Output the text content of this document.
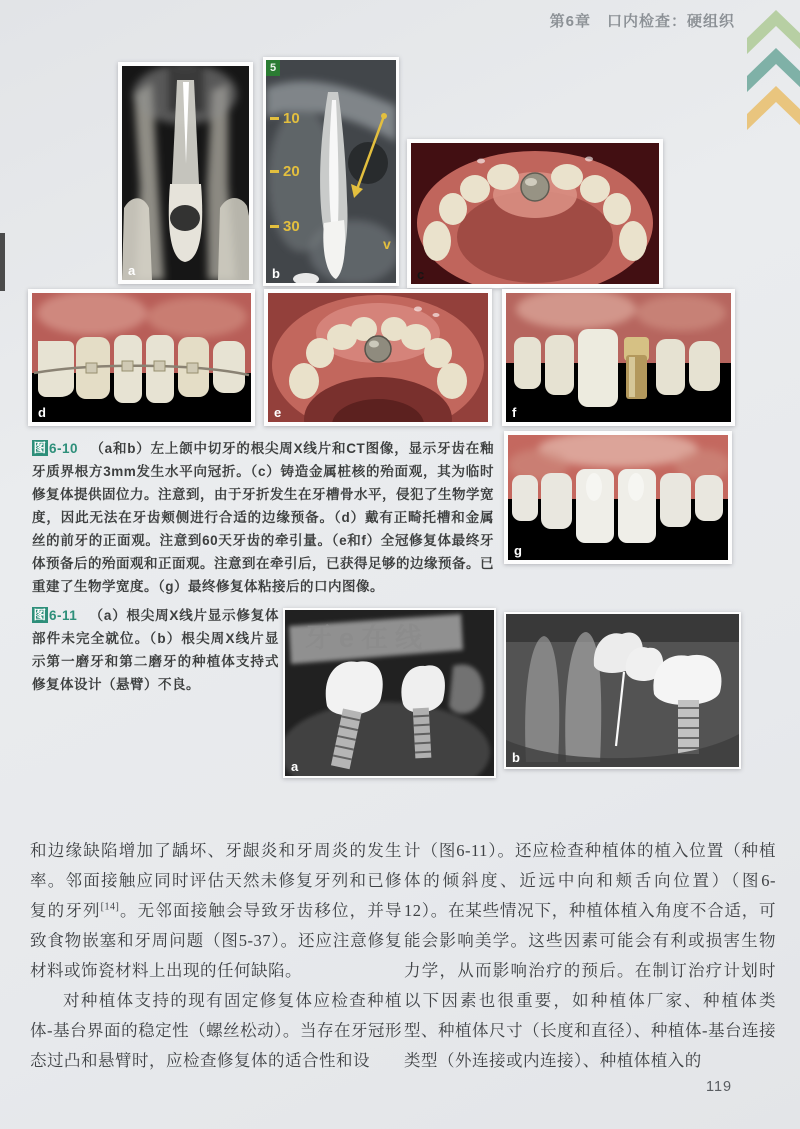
第6章　口内检查：硬组织
a
5
10
20
30
v
b	c
d	e	f
g

图 6-10 （a和b）左上颌中切牙的根尖周X线片和CT图像，显示牙齿在釉牙质界根方3mm发生水平向冠折。（c）铸造金属桩核的殆面观，其为临时修复体提供固位力。注意到，由于牙折发生在牙槽骨水平，侵犯了生物学宽度，因此无法在牙齿颊侧进行合适的边缘预备。（d）戴有正畸托槽和金属丝的前牙的正面观。注意到60天牙齿的牵引量。（e和f）全冠修复体最终牙体预备后的殆面观和正面观。注意到在牵引后，已获得足够的边缘预备。已重建了生物学宽度。（g）最终修复体粘接后的口内图像。

图 6-11 （a）根尖周X线片显示修复体部件未完全就位。（b）根尖周X线片显示第一磨牙和第二磨牙的种植体支持式修复体设计（悬臂）不良。

牙e在线
a
b

和边缘缺陷增加了龋坏、牙龈炎和牙周炎的发生率。邻面接触应同时评估天然未修复牙列和已修复的牙列[14]。无邻面接触会导致牙齿移位，并导致食物嵌塞和牙周问题（图5-37）。还应注意修复材料或饰瓷材料上出现的任何缺陷。

对种植体支持的现有固定修复体应检查种植体-基台界面的稳定性（螺丝松动）。当存在牙冠形态过凸和悬臂时，应检查修复体的适合性和设

计（图6-11）。还应检查种植体的植入位置（种植体的倾斜度、近远中向和颊舌向位置）（图6-12）。在某些情况下，种植体植入角度不合适，可能会影响美学。这些因素可能会有利或损害生物力学，从而影响治疗的预后。在制订治疗计划时以下因素也很重要，如种植体厂家、种植体类型、种植体尺寸（长度和直径）、种植体-基台连接类型（外连接或内连接）、种植体植入的

119
